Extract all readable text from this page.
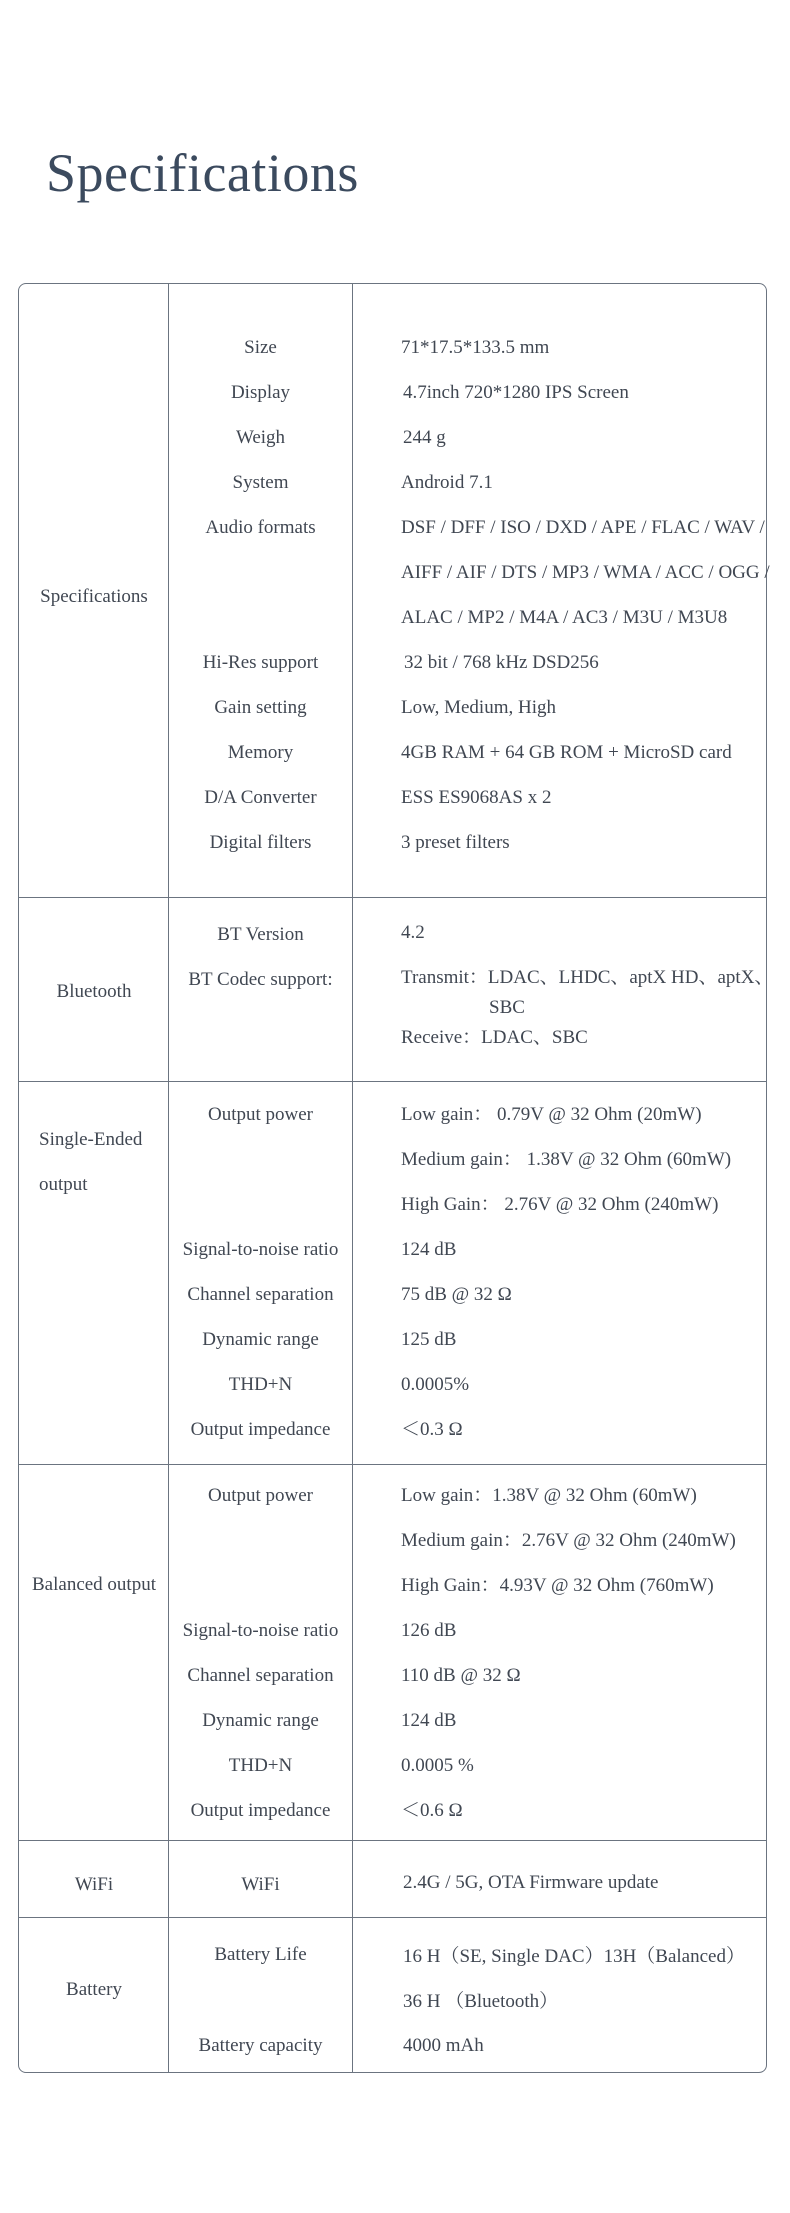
Specifications
Specifications
Size	71*17.5*133.5 mm
Display	4.7inch 720*1280 IPS Screen
Weigh	244 g
System	Android 7.1
Audio formats	DSF / DFF / ISO / DXD / APE / FLAC / WAV /
AIFF / AIF / DTS / MP3 / WMA / ACC / OGG /
ALAC / MP2 / M4A / AC3 / M3U / M3U8
Hi-Res support	32 bit / 768 kHz DSD256
Gain setting	Low, Medium, High
Memory	4GB RAM + 64 GB ROM + MicroSD card
D/A Converter	ESS ES9068AS x 2
Digital filters	3 preset filters
Bluetooth
BT Version	4.2
BT Codec support:	Transmit：LDAC、LHDC、aptX HD、aptX、
SBC
Receive：LDAC、SBC
Single-Ended
output
Output power	Low gain： 0.79V @ 32 Ohm (20mW)
Medium gain： 1.38V @ 32 Ohm (60mW)
High Gain： 2.76V @ 32 Ohm (240mW)
Signal-to-noise ratio	124 dB
Channel separation	75 dB @ 32 Ω
Dynamic range	125 dB
THD+N	0.0005%
Output impedance	＜0.3 Ω
Balanced output
Output power	Low gain：1.38V @ 32 Ohm (60mW)
Medium gain：2.76V @ 32 Ohm (240mW)
High Gain：4.93V @ 32 Ohm (760mW)
Signal-to-noise ratio	126 dB
Channel separation	110 dB @ 32 Ω
Dynamic range	124 dB
THD+N	0.0005 %
Output impedance	＜0.6 Ω
WiFi	WiFi	2.4G / 5G, OTA Firmware update
Battery
Battery Life	16 H（SE, Single DAC）13H（Balanced）
36 H （Bluetooth）
Battery capacity	4000 mAh
